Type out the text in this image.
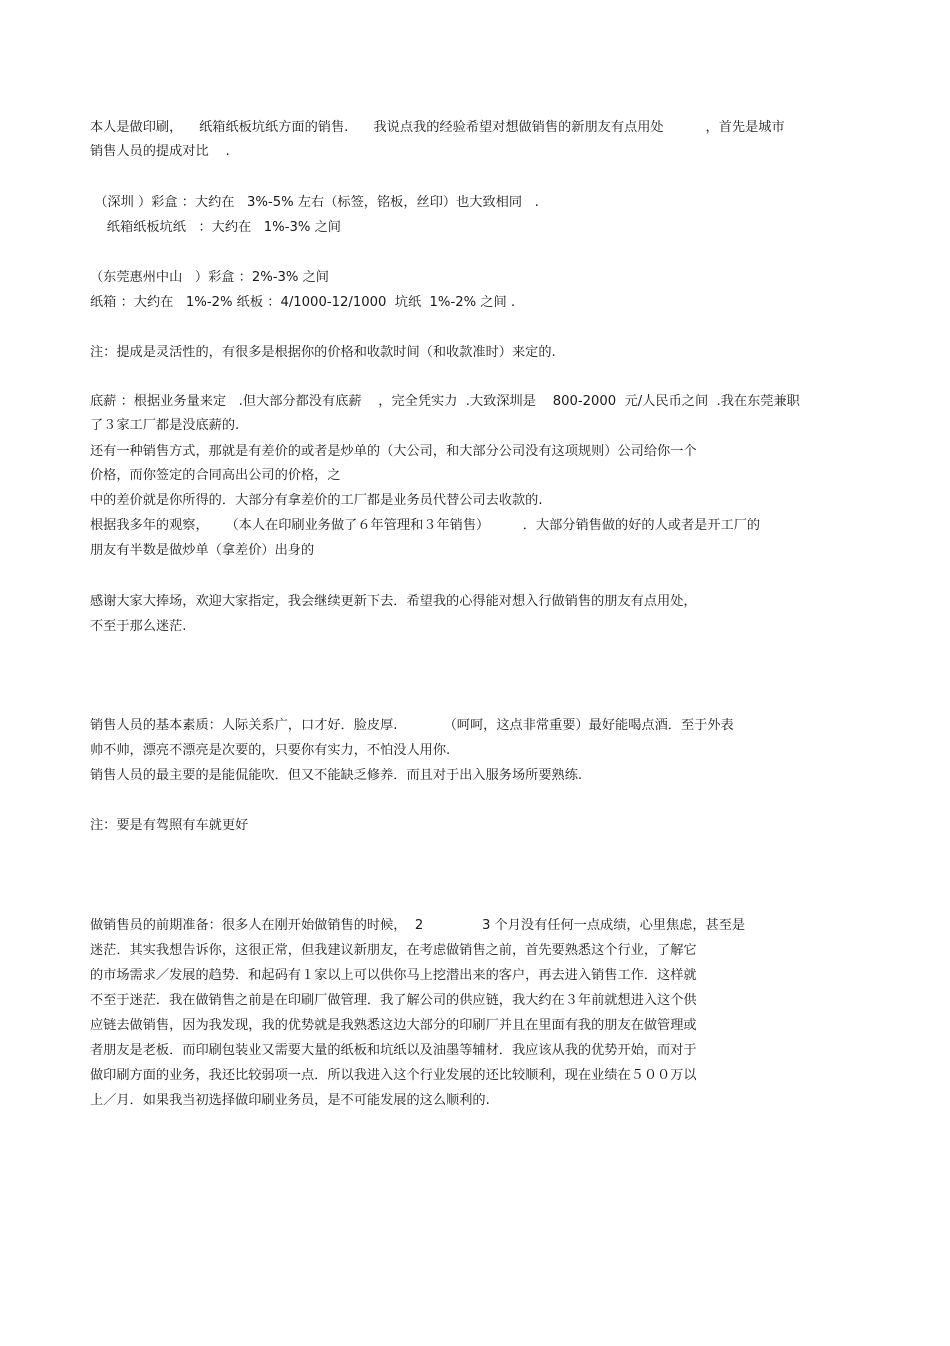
本人是做印刷，    纸箱纸板坑纸方面的销售.      我说点我的经验希望对想做销售的新朋友有点用处          ，首先是城市
销售人员的提成对比    .
（深圳 ）彩盒 ：大约在   3%-5% 左右（标签，铭板，丝印）也大致相同   .
纸箱纸板坑纸   ：大约在   1%-3% 之间
（东莞惠州中山   ）彩盒 ：2%-3% 之间
纸箱 ：大约在   1%-2% 纸板 ：4/1000-12/1000  坑纸  1%-2% 之间 .
注：提成是灵活性的，有很多是根据你的价格和收款时间（和收款准时）来定的.
底薪 ：根据业务量来定   .但大部分都没有底薪    ，完全凭实力  .大致深圳是    800-2000  元/人民币之间  .我在东莞兼职
了３家工厂都是没底薪的.
还有一种销售方式，那就是有差价的或者是炒单的（大公司，和大部分公司没有这项规则）公司给你一个
价格，而你签定的合同高出公司的价格，之
中的差价就是你所得的．大部分有拿差价的工厂都是业务员代替公司去收款的.
根据我多年的观察，    （本人在印刷业务做了６年管理和３年销售）        ．大部分销售做的好的人或者是开工厂的
朋友有半数是做炒单（拿差价）出身的
感谢大家大捧场，欢迎大家指定，我会继续更新下去．希望我的心得能对想入行做销售的朋友有点用处，
不至于那么迷茫.
销售人员的基本素质：人际关系广，口才好．脸皮厚.           （呵呵，这点非常重要）最好能喝点酒．至于外表
帅不帅，漂亮不漂亮是次要的，只要你有实力，不怕没人用你.
销售人员的最主要的是能侃能吹．但又不能缺乏修养．而且对于出入服务场所要熟练.
注：要是有驾照有车就更好
做销售员的前期准备：很多人在刚开始做销售的时候，  2              3 个月没有任何一点成绩，心里焦虑，甚至是
迷茫．其实我想告诉你，这很正常，但我建议新朋友，在考虑做销售之前，首先要熟悉这个行业，了解它
的市场需求／发展的趋势．和起码有１家以上可以供你马上挖潜出来的客户，再去进入销售工作．这样就
不至于迷茫．我在做销售之前是在印刷厂做管理．我了解公司的供应链，我大约在３年前就想进入这个供
应链去做销售，因为我发现，我的优势就是我熟悉这边大部分的印刷厂并且在里面有我的朋友在做管理或
者朋友是老板．而印刷包装业又需要大量的纸板和坑纸以及油墨等辅材．我应该从我的优势开始，而对于
做印刷方面的业务，我还比较弱项一点．所以我进入这个行业发展的还比较顺利，现在业绩在５００万以
上／月．如果我当初选择做印刷业务员，是不可能发展的这么顺利的.
